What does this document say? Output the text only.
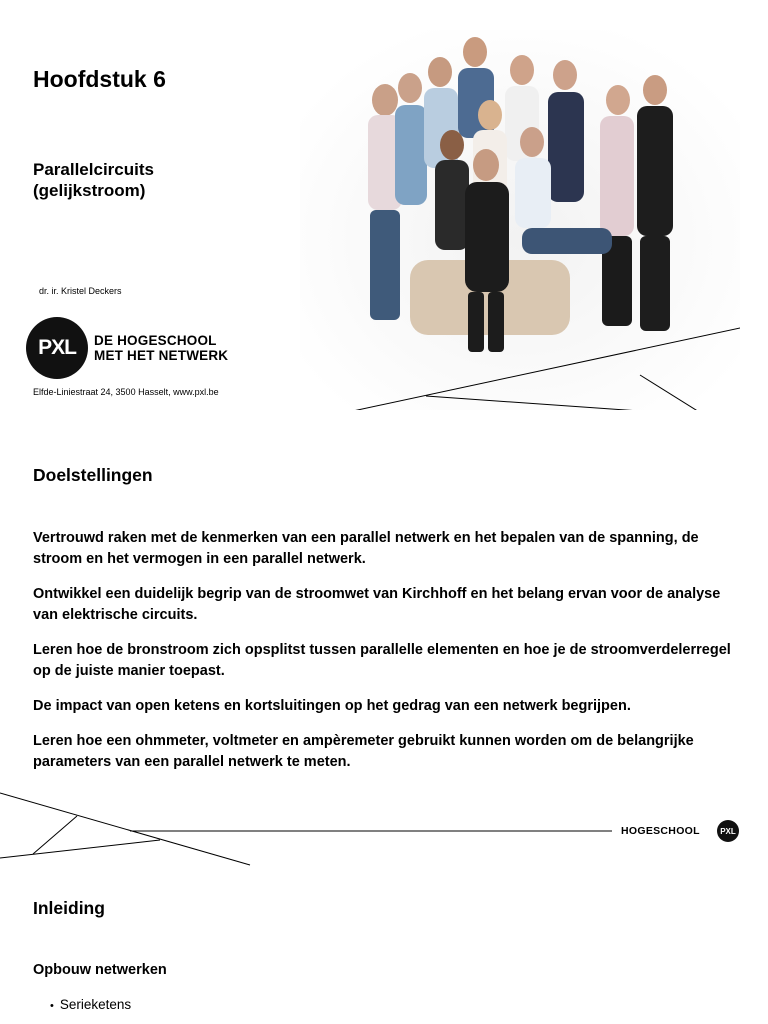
Hoofdstuk 6
Parallelcircuits
(gelijkstroom)
dr. ir. Kristel Deckers
PXL DE HOGESCHOOL
MET HET NETWERK
Elfde-Liniestraat 24, 3500 Hasselt, www.pxl.be
Doelstellingen
Vertrouwd raken met de kenmerken van een parallel netwerk en het bepalen van de spanning, de stroom en het vermogen in een parallel netwerk.
Ontwikkel een duidelijk begrip van de stroomwet van Kirchhoff en het belang ervan voor de analyse van elektrische circuits.
Leren hoe de bronstroom zich opsplitst tussen parallelle elementen en hoe je de stroomverdelerregel op de juiste manier toepast.
De impact van open ketens en kortsluitingen op het gedrag van een netwerk begrijpen.
Leren hoe een ohmmeter, voltmeter en ampèremeter gebruikt kunnen worden om de belangrijke parameters van een parallel netwerk te meten.
HOGESCHOOL	PXL
Inleiding
Opbouw netwerken
• Serieketens
